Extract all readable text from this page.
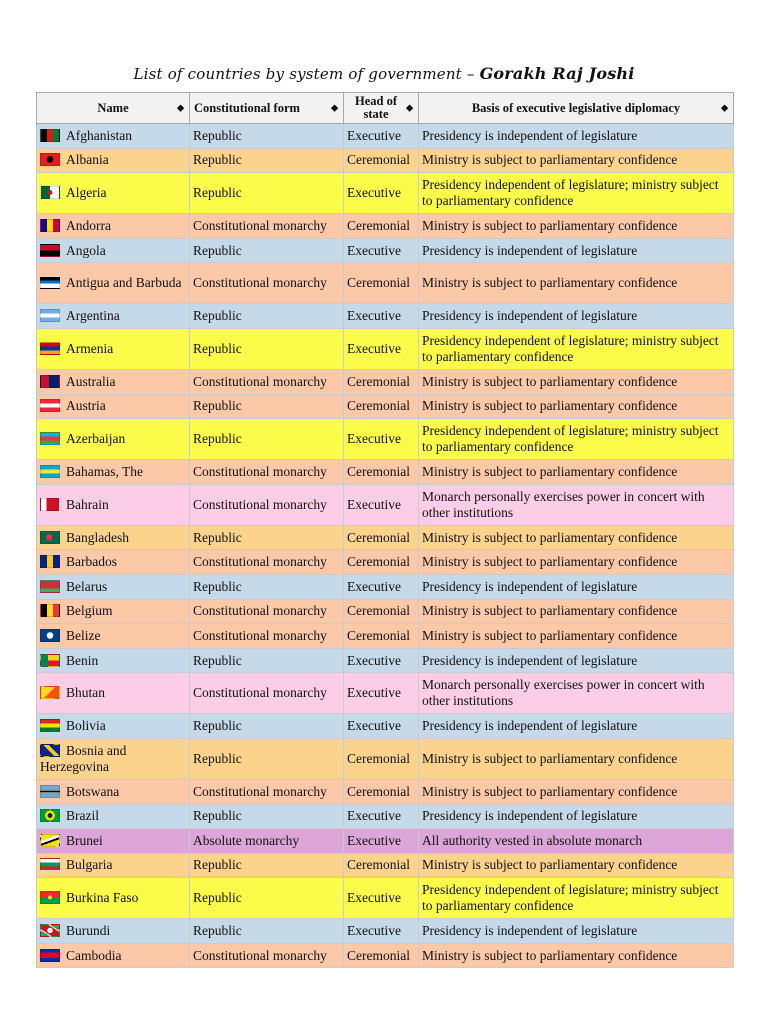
List of countries by system of government – Gorakh Raj Joshi
Name ◆	Constitutional form ◆	Head of state ◆	Basis of executive legislative diplomacy ◆

Afghanistan	Republic	Executive	Presidency is independent of legislature
Albania	Republic	Ceremonial	Ministry is subject to parliamentary confidence
Algeria	Republic	Executive	Presidency independent of legislature; ministry subject to parliamentary confidence
Andorra	Constitutional monarchy	Ceremonial	Ministry is subject to parliamentary confidence
Angola	Republic	Executive	Presidency is independent of legislature
Antigua and Barbuda	Constitutional monarchy	Ceremonial	Ministry is subject to parliamentary confidence
Argentina	Republic	Executive	Presidency is independent of legislature
Armenia	Republic	Executive	Presidency independent of legislature; ministry subject to parliamentary confidence
Australia	Constitutional monarchy	Ceremonial	Ministry is subject to parliamentary confidence
Austria	Republic	Ceremonial	Ministry is subject to parliamentary confidence
Azerbaijan	Republic	Executive	Presidency independent of legislature; ministry subject to parliamentary confidence
Bahamas, The	Constitutional monarchy	Ceremonial	Ministry is subject to parliamentary confidence
Bahrain	Constitutional monarchy	Executive	Monarch personally exercises power in concert with other institutions
Bangladesh	Republic	Ceremonial	Ministry is subject to parliamentary confidence
Barbados	Constitutional monarchy	Ceremonial	Ministry is subject to parliamentary confidence
Belarus	Republic	Executive	Presidency is independent of legislature
Belgium	Constitutional monarchy	Ceremonial	Ministry is subject to parliamentary confidence
Belize	Constitutional monarchy	Ceremonial	Ministry is subject to parliamentary confidence
Benin	Republic	Executive	Presidency is independent of legislature
Bhutan	Constitutional monarchy	Executive	Monarch personally exercises power in concert with other institutions
Bolivia	Republic	Executive	Presidency is independent of legislature
Bosnia and Herzegovina	Republic	Ceremonial	Ministry is subject to parliamentary confidence
Botswana	Constitutional monarchy	Ceremonial	Ministry is subject to parliamentary confidence
Brazil	Republic	Executive	Presidency is independent of legislature
Brunei	Absolute monarchy	Executive	All authority vested in absolute monarch
Bulgaria	Republic	Ceremonial	Ministry is subject to parliamentary confidence
Burkina Faso	Republic	Executive	Presidency independent of legislature; ministry subject to parliamentary confidence
Burundi	Republic	Executive	Presidency is independent of legislature
Cambodia	Constitutional monarchy	Ceremonial	Ministry is subject to parliamentary confidence
